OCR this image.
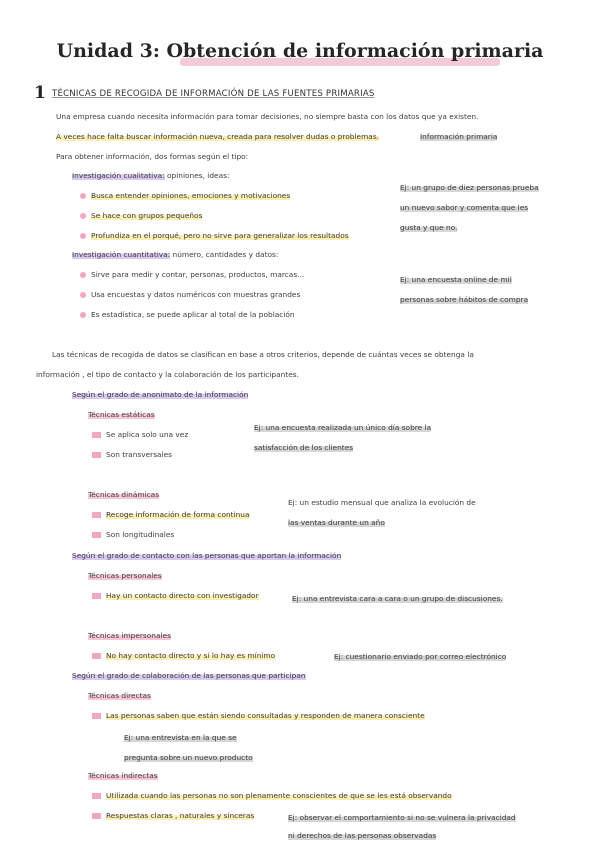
Unidad 3: Obtención de información primaria
1 TÉCNICAS DE RECOGIDA DE INFORMACIÓN DE LAS FUENTES PRIMARIAS
Una empresa cuando necesita información para tomar decisiones, no siempre basta con los datos que ya existen.
A veces hace falta buscar información nueva, creada para resolver dudas o problemas.	Información primaria
Para obtener información, dos formas según el tipo:
Investigación cualitativa: opiniones, ideas:
Busca entender opiniones, emociones y motivaciones
Se hace con grupos pequeños
Profundiza en el porqué, pero no sirve para generalizar los resultados
Ej: un grupo de diez personas prueba
un nuevo sabor y comenta que les
gusta y que no.
Investigación cuantitativa: número, cantidades y datos:
Sirve para medir y contar, personas, productos, marcas...
Usa encuestas y datos numéricos con muestras grandes
Es estadística, se puede aplicar al total de la población
Ej: una encuesta online de mil
personas sobre hábitos de compra
Las técnicas de recogida de datos se clasifican en base a otros criterios, depende de cuántas veces se obtenga la
información , el tipo de contacto y la colaboración de los participantes.
Según el grado de anonimato de la información
Técnicas estáticas
Se aplica solo una vez
Son transversales
Ej: una encuesta realizada un único día sobre la
satisfacción de los clientes
Técnicas dinámicas
Recoge información de forma continua
Son longitudinales
Ej: un estudio mensual que analiza la evolución de
las ventas durante un año
Según el grado de contacto con las personas que aportan la información
Técnicas personales
Hay un contacto directo con investigador	Ej: una entrevista cara a cara o un grupo de discusiones.
Técnicas impersonales
No hay contacto directo y si lo hay es mínimo	Ej: cuestionario enviado por correo electrónico
Según el grado de colaboración de las personas que participan
Técnicas directas
Las personas saben que están siendo consultadas y responden de manera consciente
Ej: una entrevista en la que se
pregunta sobre un nuevo producto
Técnicas indirectas
Utilizada cuando las personas no son plenamente conscientes de que se les está observando
Respuestas claras , naturales y sinceras	Ej: observar el comportamiento si no se vulnera la privacidad
ni derechos de las personas observadas
